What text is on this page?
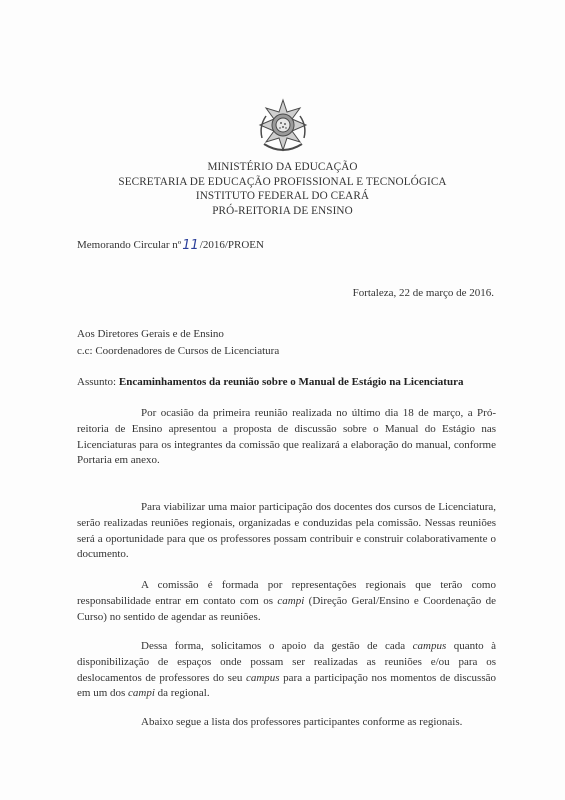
MINISTÉRIO DA EDUCAÇÃO
SECRETARIA DE EDUCAÇÃO PROFISSIONAL E TECNOLÓGICA
INSTITUTO FEDERAL DO CEARÁ
PRÓ-REITORIA DE ENSINO
Memorando Circular nº11/2016/PROEN
Fortaleza, 22 de março de 2016.
Aos Diretores Gerais e de Ensino
c.c: Coordenadores de Cursos de Licenciatura
Assunto: Encaminhamentos da reunião sobre o Manual de Estágio na Licenciatura

Por ocasião da primeira reunião realizada no último dia 18 de março, a Pró-reitoria de Ensino apresentou a proposta de discussão sobre o Manual do Estágio nas Licenciaturas para os integrantes da comissão que realizará a elaboração do manual, conforme Portaria em anexo.

Para viabilizar uma maior participação dos docentes dos cursos de Licenciatura, serão realizadas reuniões regionais, organizadas e conduzidas pela comissão. Nessas reuniões será a oportunidade para que os professores possam contribuir e construir colaborativamente o documento.

A comissão é formada por representações regionais que terão como responsabilidade entrar em contato com os campi (Direção Geral/Ensino e Coordenação de Curso) no sentido de agendar as reuniões.

Dessa forma, solicitamos o apoio da gestão de cada campus quanto à disponibilização de espaços onde possam ser realizadas as reuniões e/ou para os deslocamentos de professores do seu campus para a participação nos momentos de discussão em um dos campi da regional.

Abaixo segue a lista dos professores participantes conforme as regionais.
